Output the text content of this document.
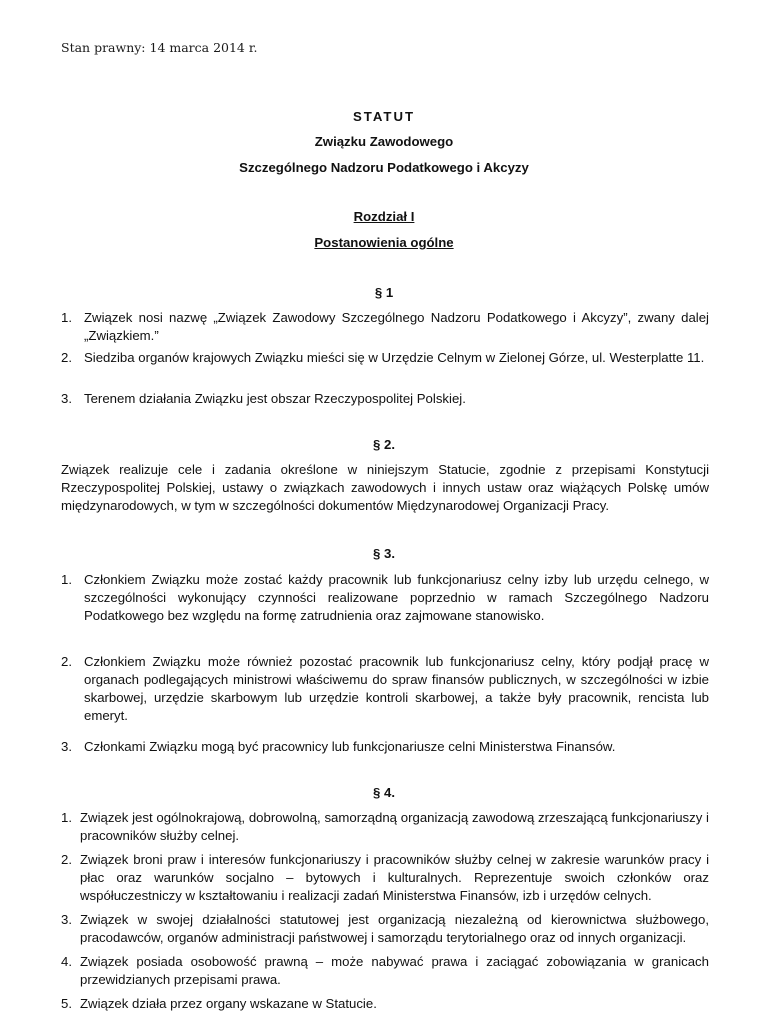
Stan prawny: 14 marca 2014 r.
STATUT
Związku Zawodowego
Szczególnego Nadzoru Podatkowego i Akcyzy
Rozdział I
Postanowienia ogólne
§ 1
1. Związek nosi nazwę „Związek Zawodowy Szczególnego Nadzoru Podatkowego i Akcyzy”, zwany dalej „Związkiem.”
2. Siedziba organów krajowych Związku mieści się w Urzędzie Celnym w Zielonej Górze, ul. Westerplatte 11.
3. Terenem działania Związku jest obszar Rzeczypospolitej Polskiej.
§ 2.
Związek realizuje cele i zadania określone w niniejszym Statucie, zgodnie z przepisami Konstytucji Rzeczypospolitej Polskiej, ustawy o związkach zawodowych i innych ustaw oraz wiążących Polskę umów międzynarodowych, w tym w szczególności dokumentów Międzynarodowej Organizacji Pracy.
§ 3.
1. Członkiem Związku może zostać każdy pracownik lub funkcjonariusz celny izby lub urzędu celnego, w szczególności wykonujący czynności realizowane poprzednio w ramach Szczególnego Nadzoru Podatkowego bez względu na formę zatrudnienia oraz zajmowane stanowisko.
2. Członkiem Związku może również pozostać pracownik lub funkcjonariusz celny, który podjął pracę w organach podlegających ministrowi właściwemu do spraw finansów publicznych, w szczególności w izbie skarbowej, urzędzie skarbowym lub urzędzie kontroli skarbowej, a także były pracownik, rencista lub emeryt.
3. Członkami Związku mogą być pracownicy lub funkcjonariusze celni Ministerstwa Finansów.
§ 4.
1. Związek jest ogólnokrajową, dobrowolną, samorządną organizacją zawodową zrzeszającą funkcjonariuszy i pracowników służby celnej.
2. Związek broni praw i interesów funkcjonariuszy i pracowników służby celnej w zakresie warunków pracy i płac oraz warunków socjalno – bytowych i kulturalnych. Reprezentuje swoich członków oraz współuczestniczy w kształtowaniu i realizacji zadań Ministerstwa Finansów, izb i urzędów celnych.
3. Związek w swojej działalności statutowej jest organizacją niezależną od kierownictwa służbowego, pracodawców, organów administracji państwowej i samorządu terytorialnego oraz od innych organizacji.
4. Związek posiada osobowość prawną – może nabywać prawa i zaciągać zobowiązania w granicach przewidzianych przepisami prawa.
5. Związek działa przez organy wskazane w Statucie.
